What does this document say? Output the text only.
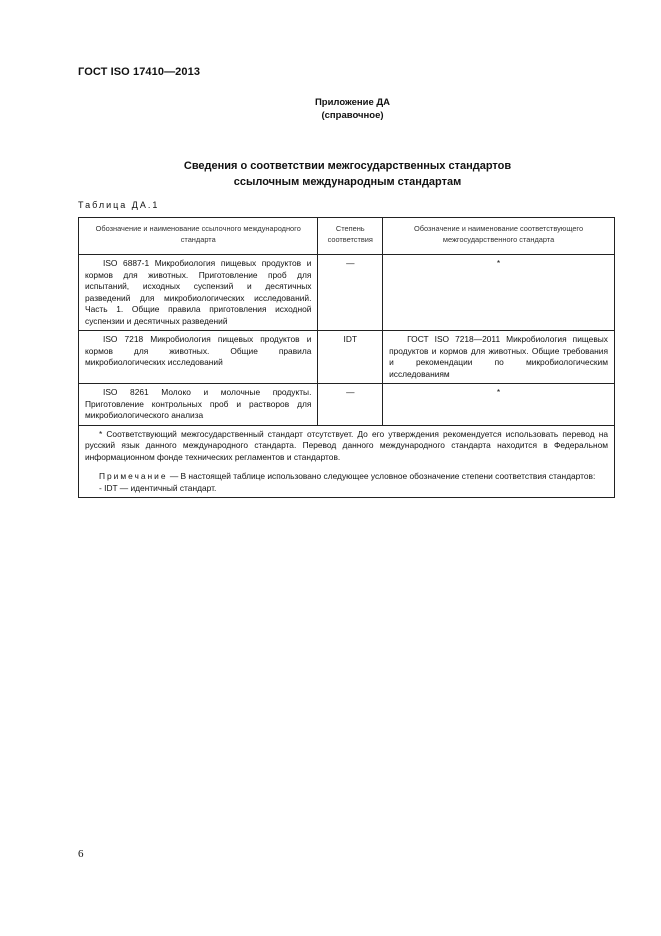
ГОСТ ISO 17410—2013
Приложение ДА
(справочное)
Сведения о соответствии межгосударственных стандартов
ссылочным международным стандартам
Таблица ДА.1
Обозначение и наименование ссылочного международного стандарта	Степень соответствия	Обозначение и наименование соответствующего межгосударственного стандарта
ISO 6887-1 Микробиология пищевых продуктов и кормов для животных. Приготовление проб для испытаний, исходных суспензий и десятичных разведений для микробиологических исследований. Часть 1. Общие правила приготовления исходной суспензии и десятичных разведений	—	*
ISO 7218 Микробиология пищевых продуктов и кормов для животных. Общие правила микробиологических исследований	IDT	ГОСТ ISO 7218—2011 Микробиология пищевых продуктов и кормов для животных. Общие требования и рекомендации по микробиологическим исследованиям
ISO 8261 Молоко и молочные продукты. Приготовление контрольных проб и растворов для микробиологического анализа	—	*

* Соответствующий межгосударственный стандарт отсутствует. До его утверждения рекомендуется использовать перевод на русский язык данного международного стандарта. Перевод данного международного стандарта находится в Федеральном информационном фонде технических регламентов и стандартов.

Примечание — В настоящей таблице использовано следующее условное обозначение степени соответствия стандартов:

- IDT — идентичный стандарт.		

6
